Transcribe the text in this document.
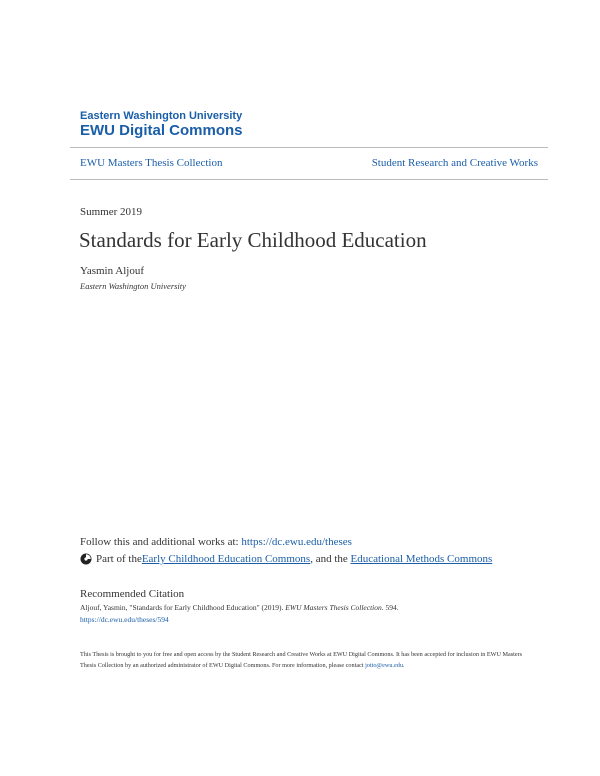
Eastern Washington University
EWU Digital Commons
EWU Masters Thesis Collection	Student Research and Creative Works
Summer 2019
Standards for Early Childhood Education
Yasmin Aljouf
Eastern Washington University
Follow this and additional works at: https://dc.ewu.edu/theses
Part of the Early Childhood Education Commons , and the Educational Methods Commons
Recommended Citation
Aljouf, Yasmin, "Standards for Early Childhood Education" (2019). EWU Masters Thesis Collection. 594.
https://dc.ewu.edu/theses/594
This Thesis is brought to you for free and open access by the Student Research and Creative Works at EWU Digital Commons. It has been accepted for inclusion in EWU Masters Thesis Collection by an authorized administrator of EWU Digital Commons. For more information, please contact jotto@ewu.edu.
